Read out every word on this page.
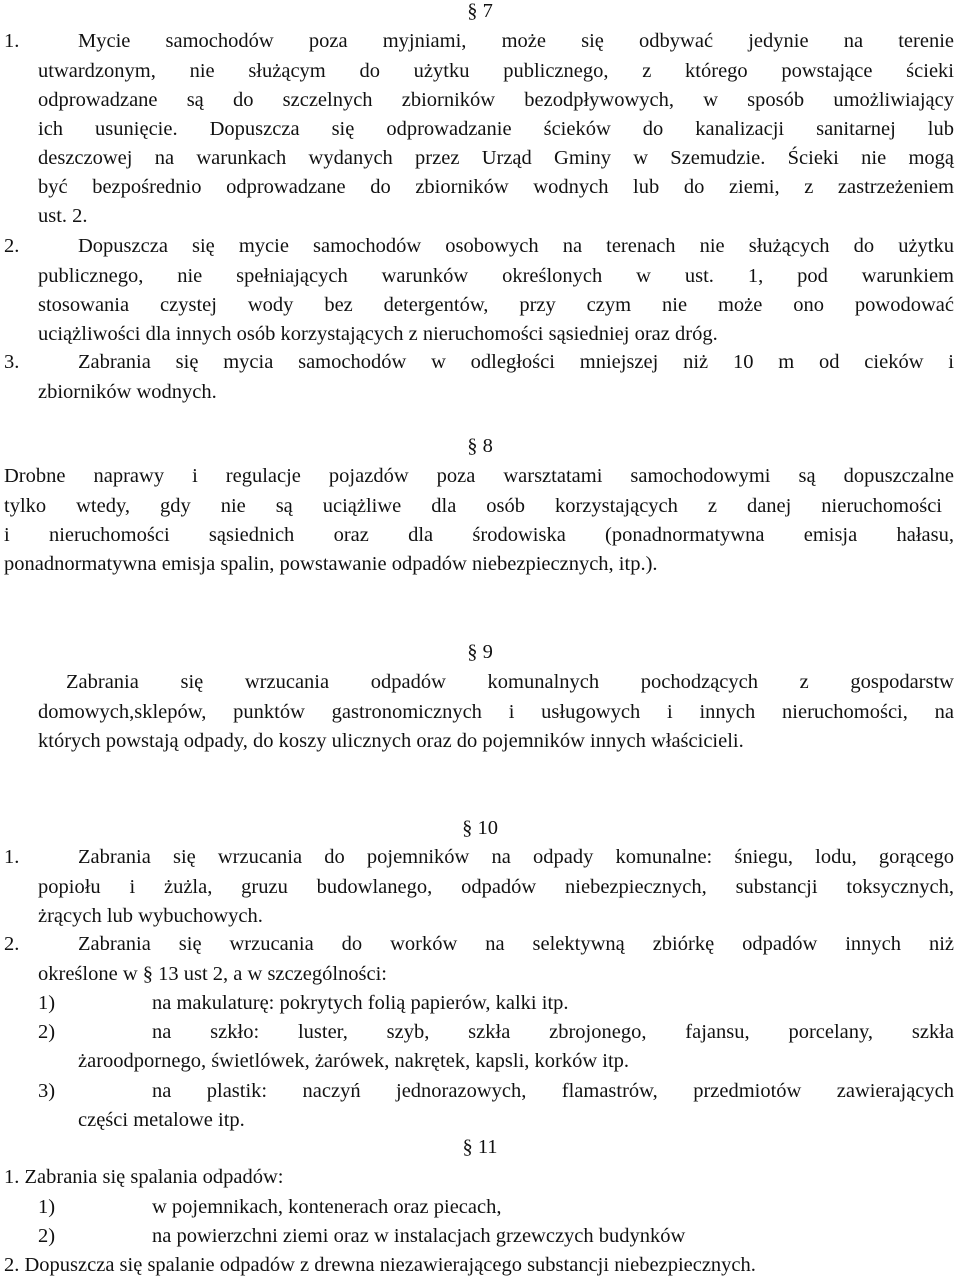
§ 7
1.	Mycie samochodów poza myjniami, może się odbywać jedynie na terenie
utwardzonym, nie służącym do użytku publicznego, z którego powstające ścieki
odprowadzane są do szczelnych zbiorników bezodpływowych, w sposób umożliwiający
ich usunięcie. Dopuszcza się odprowadzanie ścieków do kanalizacji sanitarnej lub
deszczowej na warunkach wydanych przez Urząd Gminy w Szemudzie. Ścieki nie mogą
być bezpośrednio odprowadzane do zbiorników wodnych lub do ziemi, z zastrzeżeniem
ust. 2.
2.	Dopuszcza się mycie samochodów osobowych na terenach nie służących do użytku
publicznego, nie spełniających warunków określonych w ust. 1, pod warunkiem
stosowania czystej wody bez detergentów, przy czym nie może ono powodować
uciążliwości dla innych osób korzystających z nieruchomości sąsiedniej oraz dróg.
3.	Zabrania się mycia samochodów w odległości mniejszej niż 10 m od cieków i
zbiorników wodnych.
§ 8
Drobne naprawy i regulacje pojazdów poza warsztatami samochodowymi są dopuszczalne
tylko wtedy, gdy nie są uciążliwe dla osób korzystających z danej nieruchomości
i nieruchomości sąsiednich oraz dla środowiska (ponadnormatywna emisja hałasu,
ponadnormatywna emisja spalin, powstawanie odpadów niebezpiecznych, itp.).
§ 9
Zabrania się wrzucania odpadów komunalnych pochodzących z gospodarstw
domowych,sklepów, punktów gastronomicznych i usługowych i innych nieruchomości, na
których powstają odpady, do koszy ulicznych oraz do pojemników innych właścicieli.
§ 10
1.	Zabrania się wrzucania do pojemników na odpady komunalne: śniegu, lodu, gorącego
popiołu i żużla, gruzu budowlanego, odpadów niebezpiecznych, substancji toksycznych,
żrących lub wybuchowych.
2.	Zabrania się wrzucania do worków na selektywną zbiórkę odpadów innych niż
określone w § 13 ust 2, a w szczególności:
1)	na makulaturę: pokrytych folią papierów, kalki itp.
2)	na szkło: luster, szyb, szkła zbrojonego, fajansu, porcelany, szkła
żaroodpornego, świetlówek, żarówek, nakrętek, kapsli, korków itp.
3)	na plastik: naczyń jednorazowych, flamastrów, przedmiotów zawierających
części metalowe itp.
§ 11
1. Zabrania się spalania odpadów:
1)	w pojemnikach, kontenerach oraz piecach,
2)	na powierzchni ziemi oraz w instalacjach grzewczych budynków
2. Dopuszcza się spalanie odpadów z drewna niezawierającego substancji niebezpiecznych.
